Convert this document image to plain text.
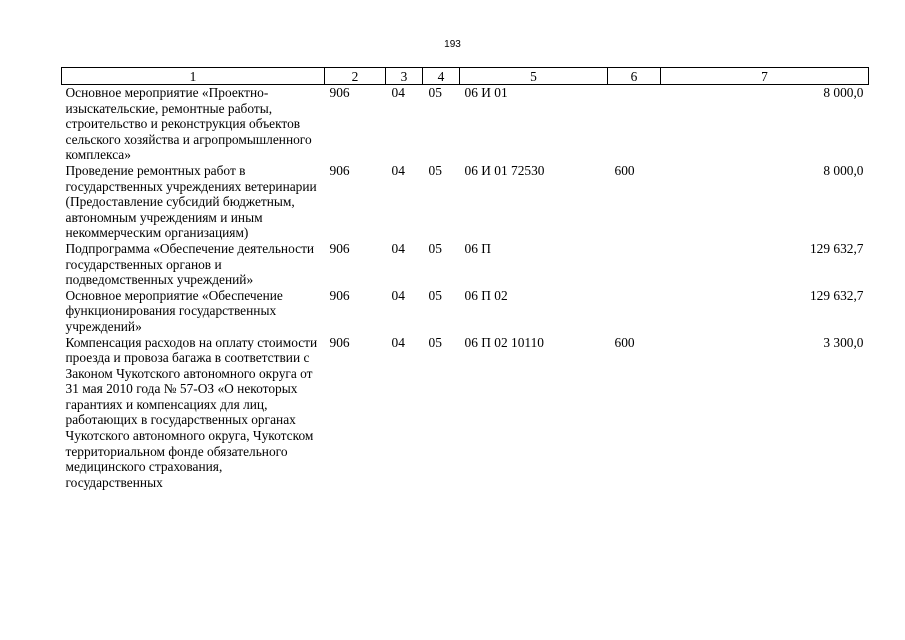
193
1	2	3	4	5	6	7
Основное мероприятие «Проектно-изыскательские, ремонтные работы, строительство и реконструкция объектов сельского хозяйства и агропромышленного комплекса»	906	04	05	06 И 01		8 000,0
Проведение ремонтных работ в государственных учреждениях ветеринарии (Предоставление субсидий бюджетным, автономным учреждениям и иным некоммерческим организациям)	906	04	05	06 И 01 72530	600	8 000,0
Подпрограмма «Обеспечение деятельности государственных органов и подведомственных учреждений»	906	04	05	06 П		129 632,7
Основное мероприятие «Обеспечение функционирования государственных учреждений»	906	04	05	06 П 02		129 632,7
Компенсация расходов на оплату стоимости проезда и провоза багажа в соответствии с Законом Чукотского автономного округа от 31 мая 2010 года № 57-ОЗ «О некоторых гарантиях и компенсациях для лиц, работающих в государственных органах Чукотского автономного округа, Чукотском территориальном фонде обязательного медицинского страхования, государственных	906	04	05	06 П 02 10110	600	3 300,0
